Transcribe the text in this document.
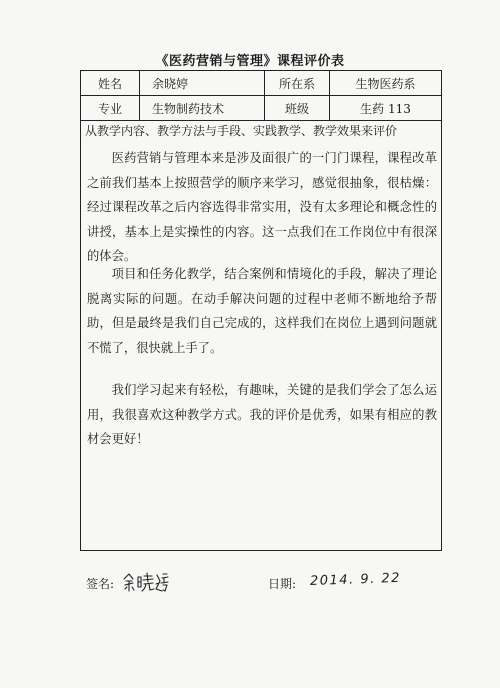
《医药营销与管理》课程评价表
姓名	余晓婷	所在系	生物医药系
专业	生物制药技术	班级	生药 113
从教学内容、教学方法与手段、实践教学、教学效果来评价

医药营销与管理本来是涉及面很广的一门门课程，课程改革之前我们基本上按照营学的顺序来学习，感觉很抽象，很枯燥：经过课程改革之后内容选得非常实用，没有太多理论和概念性的讲授，基本上是实操性的内容。这一点我们在工作岗位中有很深的体会。

项目和任务化教学，结合案例和情境化的手段，解决了理论脱离实际的问题。在动手解决问题的过程中老师不断地给予帮助，但是最终是我们自己完成的，这样我们在岗位上遇到问题就不慌了，很快就上手了。

我们学习起来有轻松，有趣味，关键的是我们学会了怎么运用，我很喜欢这种教学方式。我的评价是优秀，如果有相应的教材会更好！

签名:	日期: 2014. 9. 22
